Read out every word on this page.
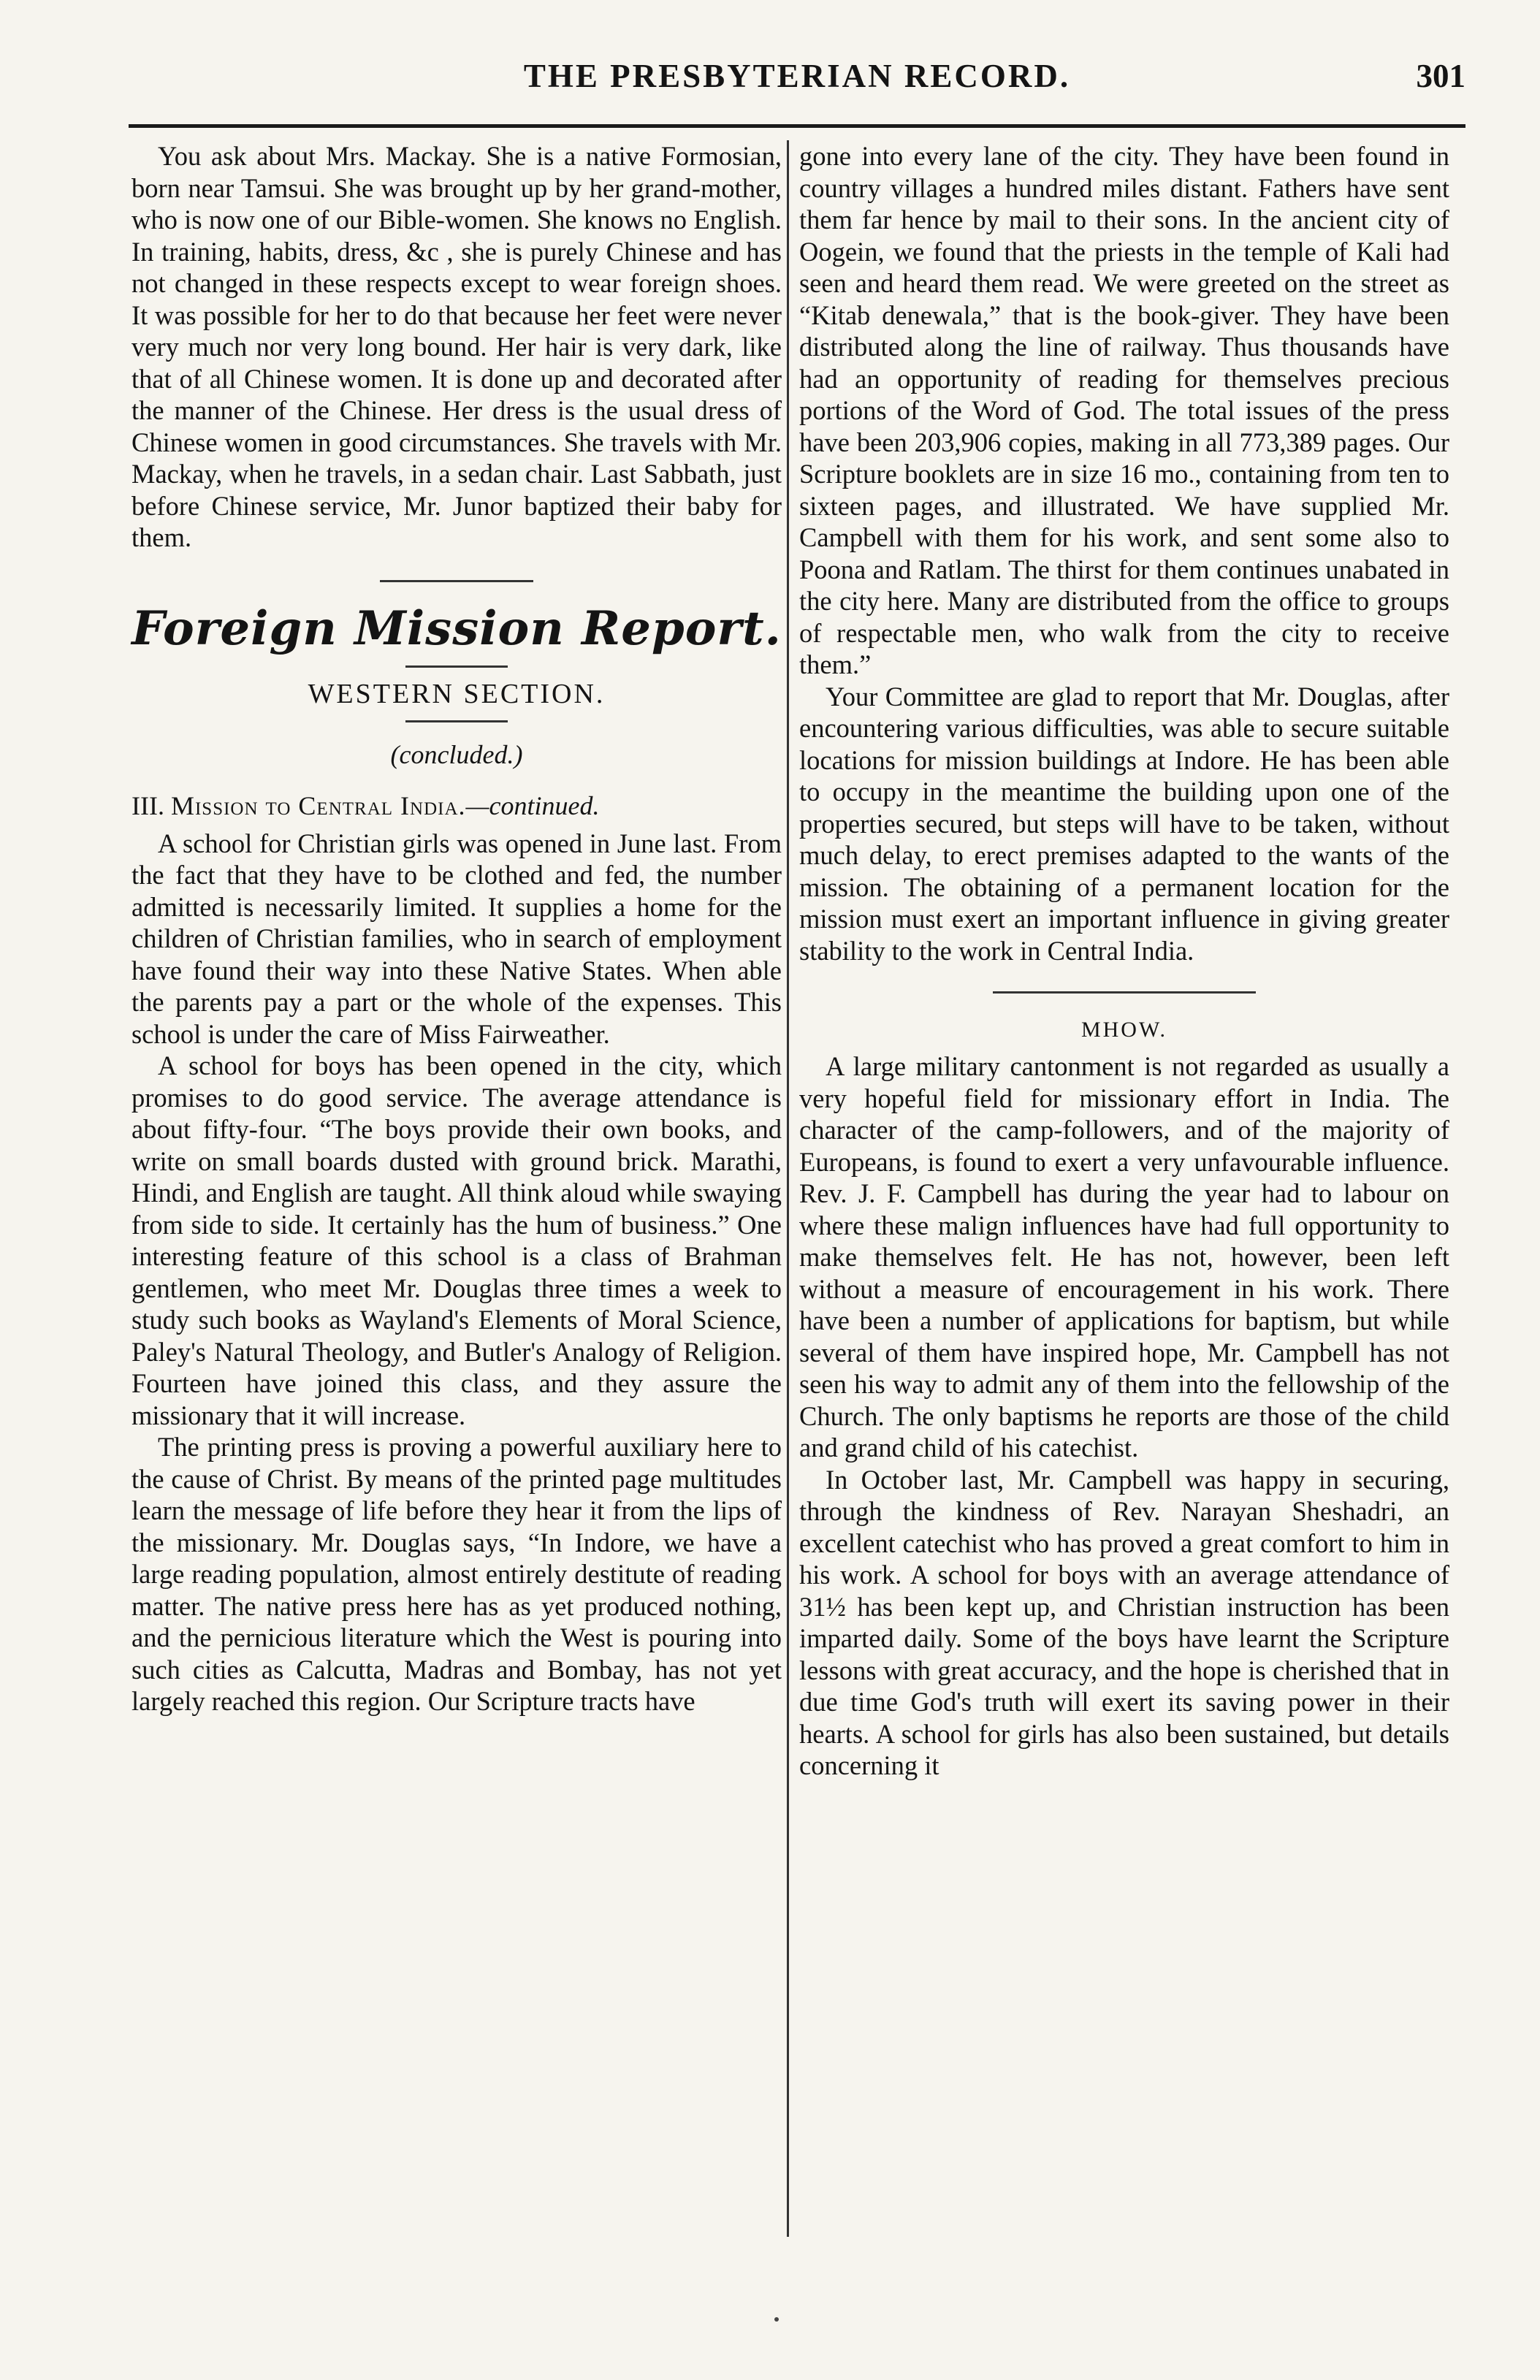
THE PRESBYTERIAN RECORD.	301

You ask about Mrs. Mackay. She is a native Formosian, born near Tamsui. She was brought up by her grand-mother, who is now one of our Bible-women. She knows no English. In training, habits, dress, &c , she is purely Chinese and has not changed in these respects except to wear foreign shoes. It was possible for her to do that because her feet were never very much nor very long bound. Her hair is very dark, like that of all Chinese women. It is done up and decorated after the manner of the Chinese. Her dress is the usual dress of Chinese women in good circumstances. She travels with Mr. Mackay, when he travels, in a sedan chair. Last Sabbath, just before Chinese service, Mr. Junor baptized their baby for them.

Foreign Mission Report.
WESTERN SECTION.
(concluded.)

III. Mission to Central India.—continued.

A school for Christian girls was opened in June last. From the fact that they have to be clothed and fed, the number admitted is necessarily limited. It supplies a home for the children of Christian families, who in search of employment have found their way into these Native States. When able the parents pay a part or the whole of the expenses. This school is under the care of Miss Fairweather.

A school for boys has been opened in the city, which promises to do good service. The average attendance is about fifty-four. “The boys provide their own books, and write on small boards dusted with ground brick. Marathi, Hindi, and English are taught. All think aloud while swaying from side to side. It certainly has the hum of business.” One interesting feature of this school is a class of Brahman gentlemen, who meet Mr. Douglas three times a week to study such books as Wayland's Elements of Moral Science, Paley's Natural Theology, and Butler's Analogy of Religion. Fourteen have joined this class, and they assure the missionary that it will increase.

The printing press is proving a powerful auxiliary here to the cause of Christ. By means of the printed page multitudes learn the message of life before they hear it from the lips of the missionary. Mr. Douglas says, “In Indore, we have a large reading population, almost entirely destitute of reading matter. The native press here has as yet produced nothing, and the pernicious literature which the West is pouring into such cities as Calcutta, Madras and Bombay, has not yet largely reached this region. Our Scripture tracts have

gone into every lane of the city. They have been found in country villages a hundred miles distant. Fathers have sent them far hence by mail to their sons. In the ancient city of Oogein, we found that the priests in the temple of Kali had seen and heard them read. We were greeted on the street as “Kitab denewala,” that is the book-giver. They have been distributed along the line of railway. Thus thousands have had an opportunity of reading for themselves precious portions of the Word of God. The total issues of the press have been 203,906 copies, making in all 773,389 pages. Our Scripture booklets are in size 16 mo., containing from ten to sixteen pages, and illustrated. We have supplied Mr. Campbell with them for his work, and sent some also to Poona and Ratlam. The thirst for them continues unabated in the city here. Many are distributed from the office to groups of respectable men, who walk from the city to receive them.”

Your Committee are glad to report that Mr. Douglas, after encountering various difficulties, was able to secure suitable locations for mission buildings at Indore. He has been able to occupy in the meantime the building upon one of the properties secured, but steps will have to be taken, without much delay, to erect premises adapted to the wants of the mission. The obtaining of a permanent location for the mission must exert an important influence in giving greater stability to the work in Central India.

MHOW.

A large military cantonment is not regarded as usually a very hopeful field for missionary effort in India. The character of the camp-followers, and of the majority of Europeans, is found to exert a very unfavourable influence. Rev. J. F. Campbell has during the year had to labour on where these malign influences have had full opportunity to make themselves felt. He has not, however, been left without a measure of encouragement in his work. There have been a number of applications for baptism, but while several of them have inspired hope, Mr. Campbell has not seen his way to admit any of them into the fellowship of the Church. The only baptisms he reports are those of the child and grand child of his catechist.

In October last, Mr. Campbell was happy in securing, through the kindness of Rev. Narayan Sheshadri, an excellent catechist who has proved a great comfort to him in his work. A school for boys with an average attendance of 31½ has been kept up, and Christian instruction has been imparted daily. Some of the boys have learnt the Scripture lessons with great accuracy, and the hope is cherished that in due time God's truth will exert its saving power in their hearts. A school for girls has also been sustained, but details concerning it
